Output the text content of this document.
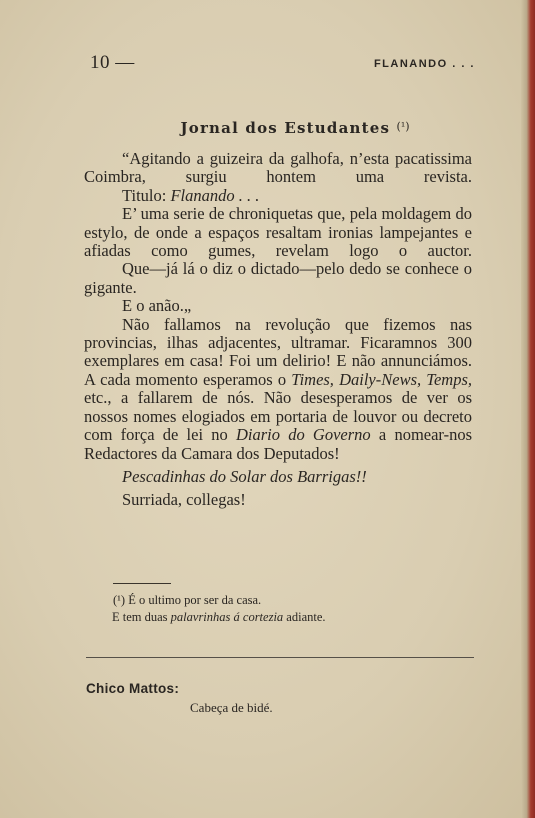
10 —	FLANANDO . . .
Jornal dos Estudantes $^{(^1)}$

“Agitando a guizeira da galhofa, n’esta pacatissima Coimbra, surgiu hontem uma revista.

Titulo: Flanando . . .

E’ uma serie de chroniquetas que, pela moldagem do estylo, de onde a espaços resaltam ironias lampejantes e afiadas como gumes, revelam logo o auctor.

Que—já lá o diz o dictado—pelo dedo se conhece o gigante.

E o anão.„

Não fallamos na revolução que fizemos nas provincias, ilhas adjacentes, ultramar. Ficaramnos 300 exemplares em casa! Foi um delirio! E não annunciámos. A cada momento esperamos o Times, Daily-News, Temps, etc., a fallarem de nós. Não desesperamos de ver os nossos nomes elogiados em portaria de louvor ou decreto com força de lei no Diario do Governo a nomear-nos Redactores da Camara dos Deputados!

Pescadinhas do Solar dos Barrigas!!

Surriada, collegas!

(¹) É o ultimo por ser da casa.

E tem duas palavrinhas á cortezia adiante.

Chico Mattos:
Cabeça de bidé.
